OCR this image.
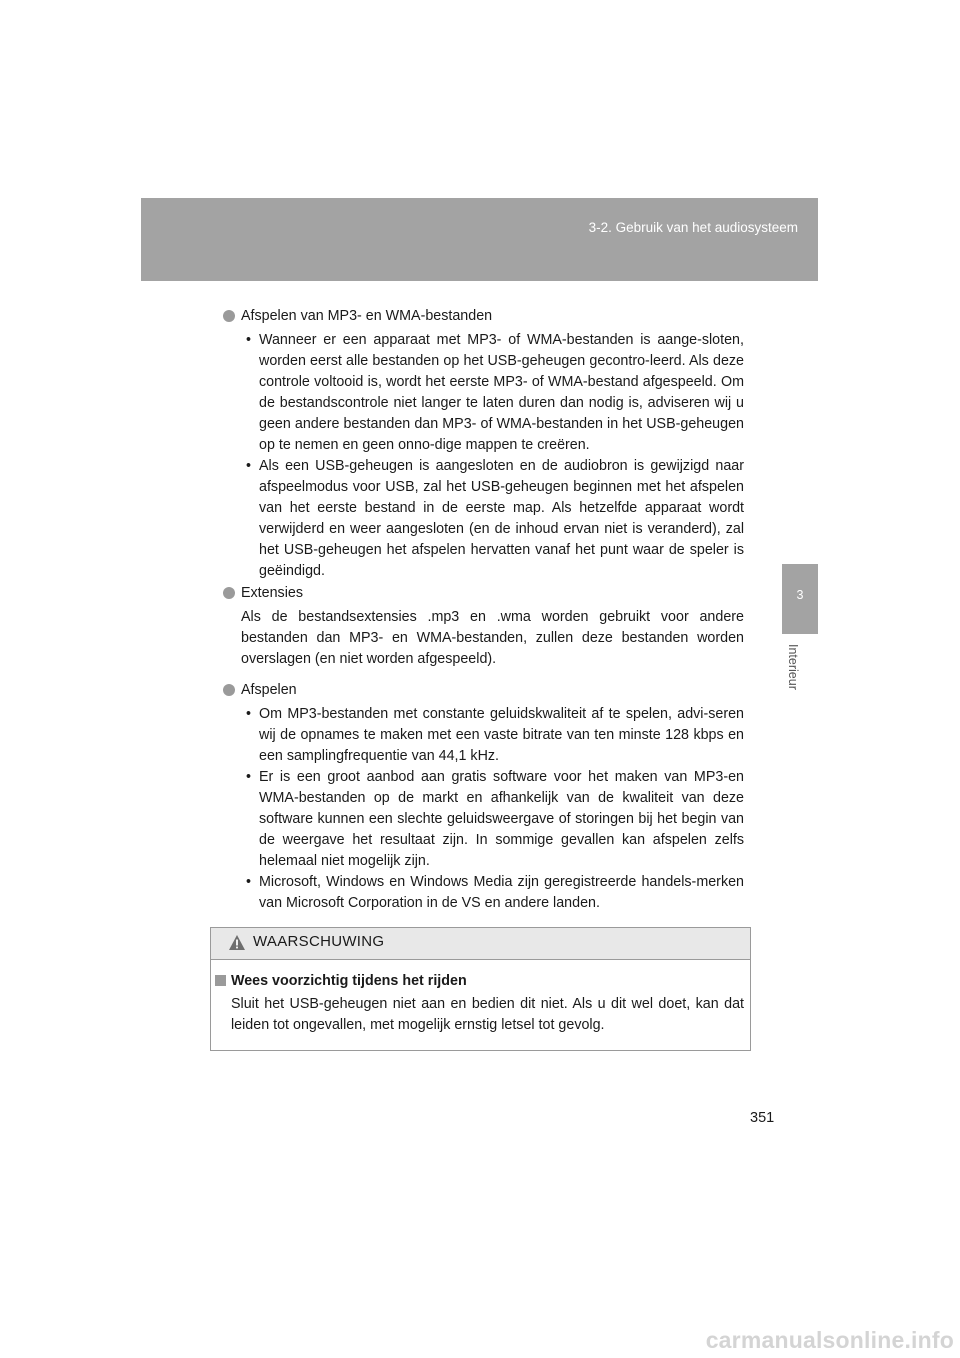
3-2. Gebruik van het audiosysteem
3
Interieur

Afspelen van MP3- en WMA-bestanden

• Wanneer er een apparaat met MP3- of WMA-bestanden is aange-sloten, worden eerst alle bestanden op het USB-geheugen gecontro-leerd. Als deze controle voltooid is, wordt het eerste MP3- of WMA-bestand afgespeeld. Om de bestandscontrole niet langer te laten duren dan nodig is, adviseren wij u geen andere bestanden dan MP3- of WMA-bestanden in het USB-geheugen op te nemen en geen onno-dige mappen te creëren.
• Als een USB-geheugen is aangesloten en de audiobron is gewijzigd naar afspeelmodus voor USB, zal het USB-geheugen beginnen met het afspelen van het eerste bestand in de eerste map. Als hetzelfde apparaat wordt verwijderd en weer aangesloten (en de inhoud ervan niet is veranderd), zal het USB-geheugen het afspelen hervatten vanaf het punt waar de speler is geëindigd.

Extensies

Als de bestandsextensies .mp3 en .wma worden gebruikt voor andere bestanden dan MP3- en WMA-bestanden, zullen deze bestanden worden overslagen (en niet worden afgespeeld).

Afspelen

• Om MP3-bestanden met constante geluidskwaliteit af te spelen, advi-seren wij de opnames te maken met een vaste bitrate van ten minste 128 kbps en een samplingfrequentie van 44,1 kHz.
• Er is een groot aanbod aan gratis software voor het maken van MP3-en WMA-bestanden op de markt en afhankelijk van de kwaliteit van deze software kunnen een slechte geluidsweergave of storingen bij het begin van de weergave het resultaat zijn. In sommige gevallen kan afspelen zelfs helemaal niet mogelijk zijn.
• Microsoft, Windows en Windows Media zijn geregistreerde handels-merken van Microsoft Corporation in de VS en andere landen.
WAARSCHUWING

Wees voorzichtig tijdens het rijden

Sluit het USB-geheugen niet aan en bedien dit niet. Als u dit wel doet, kan dat leiden tot ongevallen, met mogelijk ernstig letsel tot gevolg.

351
carmanualsonline.info
